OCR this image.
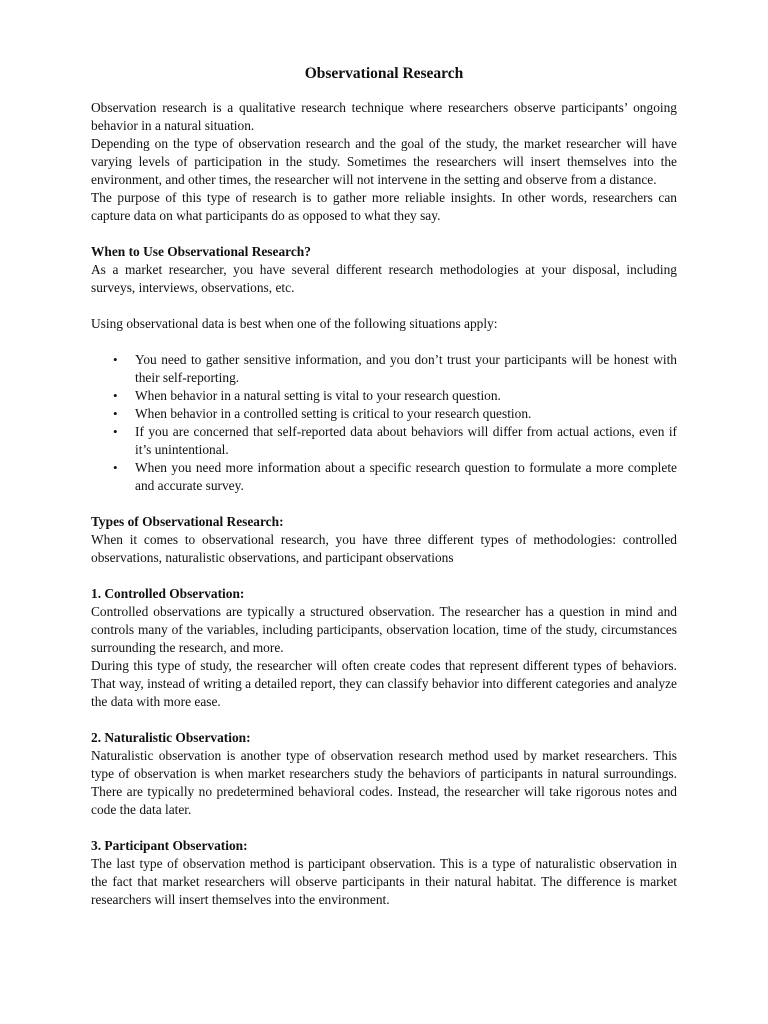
Observational Research

Observation research is a qualitative research technique where researchers observe participants’ ongoing behavior in a natural situation.

Depending on the type of observation research and the goal of the study, the market researcher will have varying levels of participation in the study. Sometimes the researchers will insert themselves into the environment, and other times, the researcher will not intervene in the setting and observe from a distance.

The purpose of this type of research is to gather more reliable insights. In other words, researchers can capture data on what participants do as opposed to what they say.

When to Use Observational Research?

As a market researcher, you have several different research methodologies at your disposal, including surveys, interviews, observations, etc.

Using observational data is best when one of the following situations apply:

• You need to gather sensitive information, and you don’t trust your participants will be honest with their self-reporting.
• When behavior in a natural setting is vital to your research question.
• When behavior in a controlled setting is critical to your research question.
• If you are concerned that self-reported data about behaviors will differ from actual actions, even if it’s unintentional.
• When you need more information about a specific research question to formulate a more complete and accurate survey.
Types of Observational Research:

When it comes to observational research, you have three different types of methodologies: controlled observations, naturalistic observations, and participant observations

1. Controlled Observation:

Controlled observations are typically a structured observation. The researcher has a question in mind and controls many of the variables, including participants, observation location, time of the study, circumstances surrounding the research, and more.

During this type of study, the researcher will often create codes that represent different types of behaviors. That way, instead of writing a detailed report, they can classify behavior into different categories and analyze the data with more ease.

2. Naturalistic Observation:

Naturalistic observation is another type of observation research method used by market researchers. This type of observation is when market researchers study the behaviors of participants in natural surroundings. There are typically no predetermined behavioral codes. Instead, the researcher will take rigorous notes and code the data later.

3. Participant Observation:

The last type of observation method is participant observation. This is a type of naturalistic observation in the fact that market researchers will observe participants in their natural habitat. The difference is market researchers will insert themselves into the environment.
